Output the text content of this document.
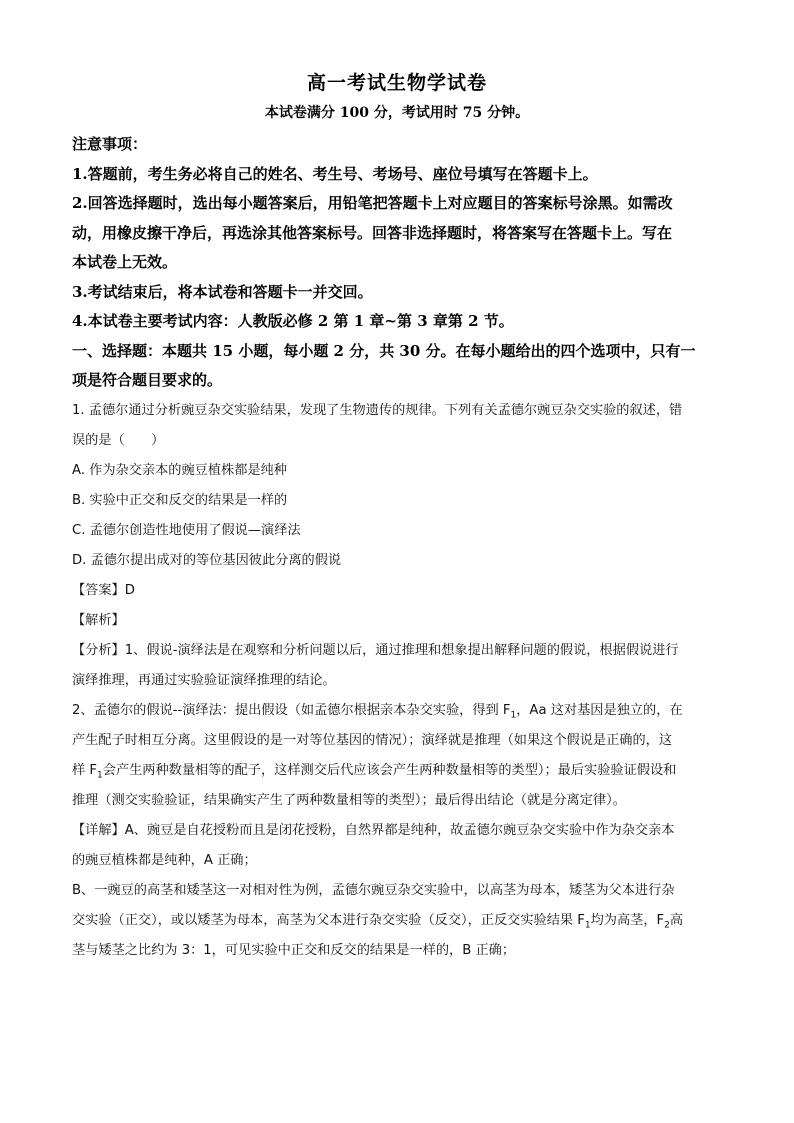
高一考试生物学试卷

本试卷满分 100 分，考试用时 75 分钟。

注意事项：

1.答题前，考生务必将自己的姓名、考生号、考场号、座位号填写在答题卡上。

2.回答选择题时，选出每小题答案后，用铅笔把答题卡上对应题目的答案标号涂黑。如需改

动，用橡皮擦干净后，再选涂其他答案标号。回答非选择题时，将答案写在答题卡上。写在

本试卷上无效。

3.考试结束后，将本试卷和答题卡一并交回。

4.本试卷主要考试内容：人教版必修 2 第 1 章~第 3 章第 2 节。

一、选择题：本题共 15 小题，每小题 2 分，共 30 分。在每小题给出的四个选项中，只有一

项是符合题目要求的。

1. 孟德尔通过分析豌豆杂交实验结果，发现了生物遗传的规律。下列有关孟德尔豌豆杂交实验的叙述，错

误的是（　　）

A. 作为杂交亲本的豌豆植株都是纯种

B. 实验中正交和反交的结果是一样的

C. 孟德尔创造性地使用了假说—演绎法

D. 孟德尔提出成对的等位基因彼此分离的假说

【答案】D

【解析】

【分析】1、假说-演绎法是在观察和分析问题以后，通过推理和想象提出解释问题的假说，根据假说进行

演绎推理，再通过实验验证演绎推理的结论。

2、孟德尔的假说--演绎法：提出假设（如孟德尔根据亲本杂交实验，得到 $F_1$，Aa 这对基因是独立的，在

产生配子时相互分离。这里假设的是一对等位基因的情况）；演绎就是推理（如果这个假说是正确的，这

样 $F_1$会产生两种数量相等的配子，这样测交后代应该会产生两种数量相等的类型）；最后实验验证假设和

推理（测交实验验证，结果确实产生了两种数量相等的类型）；最后得出结论（就是分离定律）。

【详解】A、豌豆是自花授粉而且是闭花授粉，自然界都是纯种，故孟德尔豌豆杂交实验中作为杂交亲本

的豌豆植株都是纯种，A 正确；

B、一豌豆的高茎和矮茎这一对相对性为例，孟德尔豌豆杂交实验中，以高茎为母本，矮茎为父本进行杂

交实验（正交），或以矮茎为母本，高茎为父本进行杂交实验（反交），正反交实验结果 $F_1$均为高茎，$F_2$高

茎与矮茎之比约为 3：1，可见实验中正交和反交的结果是一样的，B 正确；
